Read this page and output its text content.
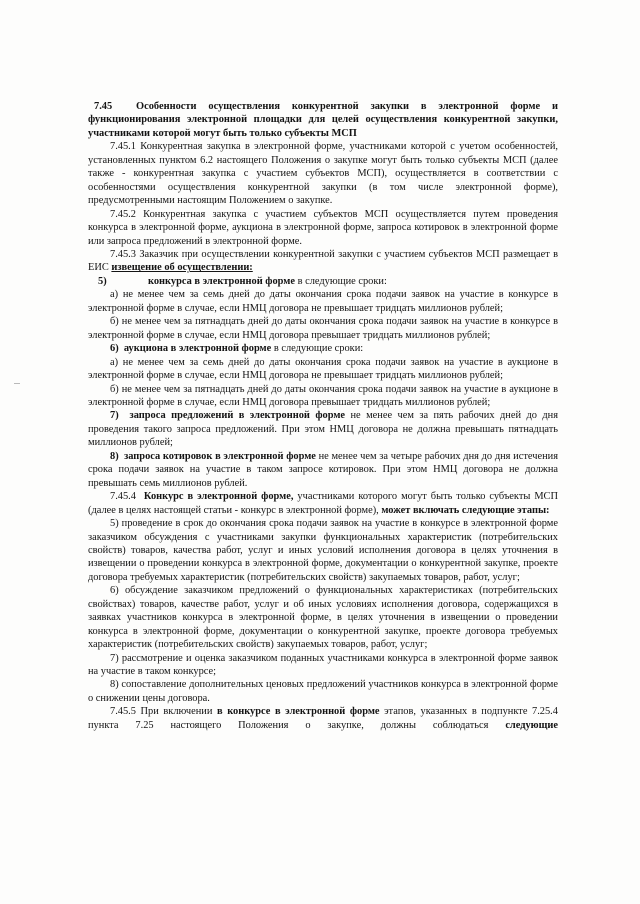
7.45 Особенности осуществления конкурентной закупки в электронной форме и функционирования электронной площадки для целей осуществления конкурентной закупки, участниками которой могут быть только субъекты МСП

7.45.1 Конкурентная закупка в электронной форме, участниками которой с учетом особенностей, установленных пунктом 6.2 настоящего Положения о закупке могут быть только субъекты МСП (далее также - конкурентная закупка с участием субъектов МСП), осуществляется в соответствии с особенностями осуществления конкурентной закупки (в том числе электронной форме), предусмотренными настоящим Положением о закупке.

7.45.2 Конкурентная закупка с участием субъектов МСП осуществляется путем проведения конкурса в электронной форме, аукциона в электронной форме, запроса котировок в электронной форме или запроса предложений в электронной форме.

7.45.3 Заказчик при осуществлении конкурентной закупки с участием субъектов МСП размещает в ЕИС извещение об осуществлении:

5)	конкурса в электронной форме в следующие сроки:

а) не менее чем за семь дней до даты окончания срока подачи заявок на участие в конкурсе в электронной форме в случае, если НМЦ договора не превышает тридцать миллионов рублей;

б) не менее чем за пятнадцать дней до даты окончания срока подачи заявок на участие в конкурсе в электронной форме в случае, если НМЦ договора превышает тридцать миллионов рублей;

6) аукциона в электронной форме в следующие сроки:

а) не менее чем за семь дней до даты окончания срока подачи заявок на участие в аукционе в электронной форме в случае, если НМЦ договора не превышает тридцать миллионов рублей;

б) не менее чем за пятнадцать дней до даты окончания срока подачи заявок на участие в аукционе в электронной форме в случае, если НМЦ договора превышает тридцать миллионов рублей;

7) запроса предложений в электронной форме не менее чем за пять рабочих дней до дня проведения такого запроса предложений. При этом НМЦ договора не должна превышать пятнадцать миллионов рублей;

8) запроса котировок в электронной форме не менее чем за четыре рабочих дня до дня истечения срока подачи заявок на участие в таком запросе котировок. При этом НМЦ договора не должна превышать семь миллионов рублей.

7.45.4 Конкурс в электронной форме, участниками которого могут быть только субъекты МСП (далее в целях настоящей статьи - конкурс в электронной форме), может включать следующие этапы:

5) проведение в срок до окончания срока подачи заявок на участие в конкурсе в электронной форме заказчиком обсуждения с участниками закупки функциональных характеристик (потребительских свойств) товаров, качества работ, услуг и иных условий исполнения договора в целях уточнения в извещении о проведении конкурса в электронной форме, документации о конкурентной закупке, проекте договора требуемых характеристик (потребительских свойств) закупаемых товаров, работ, услуг;

6) обсуждение заказчиком предложений о функциональных характеристиках (потребительских свойствах) товаров, качестве работ, услуг и об иных условиях исполнения договора, содержащихся в заявках участников конкурса в электронной форме, в целях уточнения в извещении о проведении конкурса в электронной форме, документации о конкурентной закупке, проекте договора требуемых характеристик (потребительских свойств) закупаемых товаров, работ, услуг;

7) рассмотрение и оценка заказчиком поданных участниками конкурса в электронной форме заявок на участие в таком конкурсе;

8) сопоставление дополнительных ценовых предложений участников конкурса в электронной форме о снижении цены договора.

7.45.5 При включении в конкурсе в электронной форме этапов, указанных в подпункте 7.25.4 пункта 7.25 настоящего Положения о закупке, должны соблюдаться следующие
